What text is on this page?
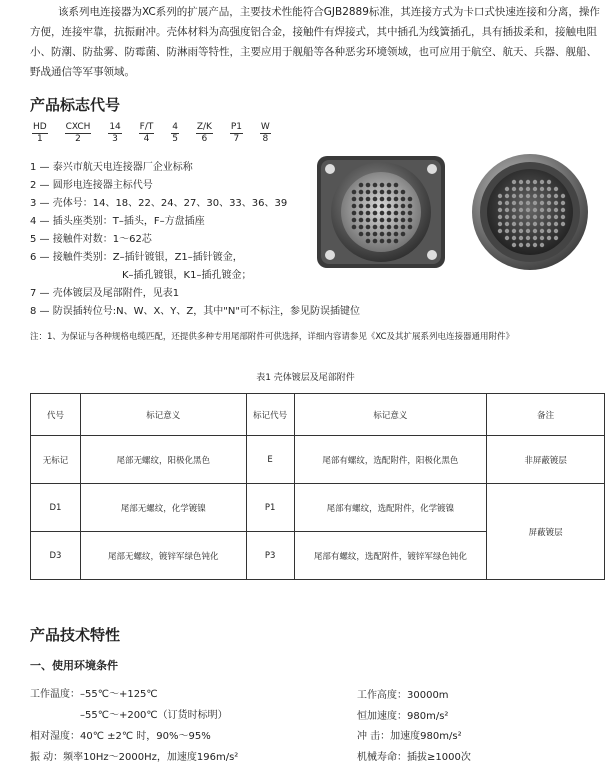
该系列电连接器为XC系列的扩展产品，主要技术性能符合GJB2889标准，其连接方式为卡口式快速连接和分离，操作方便，连接牢靠，抗振耐冲。壳体材料为高强度铝合金，接触件有焊接式，其中插孔为线簧插孔，具有插拔柔和，接触电阻小、防潮、防盐雾、防霉菌、防淋雨等特性，主要应用于舰船等各种恶劣环境领域，也可应用于航空、航天、兵器、舰船、野战通信等军事领域。

产品标志代号
$\frac{HD}{1}$
CXCH
2
	$\frac{14}{3}$
$\frac{F/T}{4}$
$\frac{4}{5}$
$\frac{Z/K}{6}$
$\frac{P1}{7}$
$\frac{W}{8}$
1 — 泰兴市航天电连接器厂企业标称
2 — 圆形电连接器主标代号
3 — 壳体号：14、18、22、24、27、30、33、36、39
4 — 插头座类别：T–插头，F–方盘插座
5 — 接触件对数：1～62芯
6 — 接触件类别：Z–插针镀银，Z1–插针镀金，
K–插孔镀银，K1–插孔镀金；
7 — 壳体镀层及尾部附件，见表1
8 — 防误插转位号:N、W、X、Y、Z，其中"N"可不标注，参见防误插键位
注：1、为保证与各种规格电缆匹配，还提供多种专用尾部附件可供选择，详细内容请参见《XC及其扩展系列电连接器通用附件》
表1 壳体镀层及尾部附件
代号	标记意义	标记代号	标记意义	备注
无标记	尾部无螺纹，阳极化黑色	E	尾部有螺纹，选配附件，阳极化黑色	非屏蔽镀层
D1	尾部无螺纹，化学镀镍	P1	尾部有螺纹，选配附件，化学镀镍	屏蔽镀层
D3	尾部无螺纹，镀锌军绿色钝化	P3	尾部有螺纹，选配附件，镀锌军绿色钝化	
产品技术特性
一、使用环境条件
工作温度：–55℃～+125℃
–55℃～+200℃（订货时标明）
相对湿度：40℃ ±2℃ 时，90%～95%
振 动：频率10Hz～2000Hz，加速度196m/s²
工作高度：30000m
恒加速度：980m/s²
冲 击：加速度980m/s²
机械寿命：插拔≥1000次
